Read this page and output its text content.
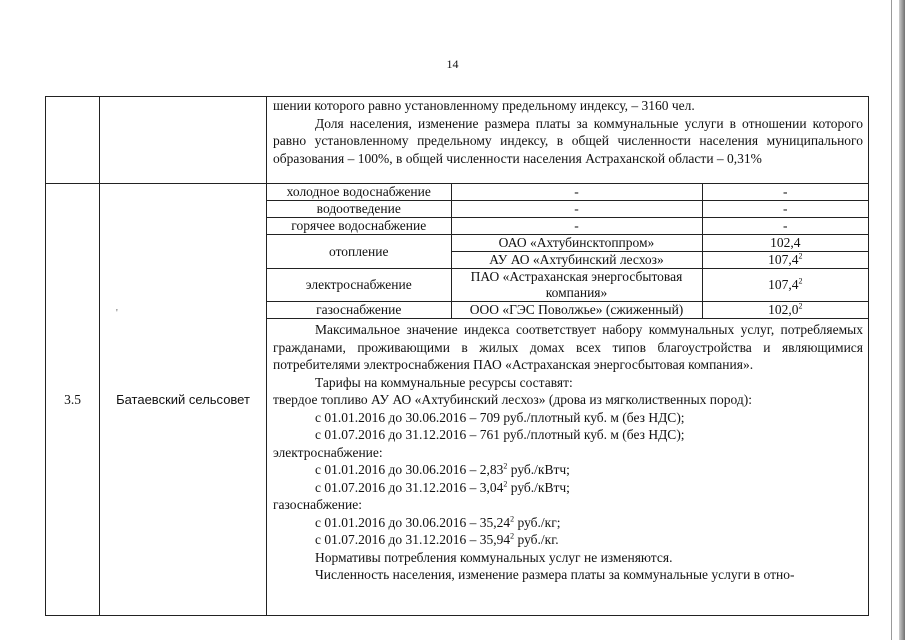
14

шении которого равно установленному предельному индексу, – 3160 чел.
Доля населения, изменение размера платы за коммунальные услуги в отношении которого равно установленному предельному индексу, в общей численности населения муниципального образования – 100%, в общей численности населения Астраханской области – 0,31%

3.5	Батаевский сельсовет	
холодное водоснабжение	-	-
водоотведение	-	-
горячее водоснабжение	-	-
отопление	ОАО «Ахтубинсктоппром»	102,4
АУ АО «Ахтубинский лесхоз»	107,4$^2$
электроснабжение	ПАО «Астраханская энергосбытовая компания»	107,4$^2$
газоснабжение	ООО «ГЭС Поволжье» (сжиженный)	102,0$^2$

Максимальное значение индекса соответствует набору коммунальных услуг, потребляемых гражданами, проживающими в жилых домах всех типов благоустройства и являющимися потребителями электроснабжения ПАО «Астраханская энергосбытовая компания».

Тарифы на коммунальные ресурсы составят:

твердое топливо АУ АО «Ахтубинский лесхоз» (дрова из мягколиственных пород):

с 01.01.2016 до 30.06.2016 – 709 руб./плотный куб. м (без НДС);

с 01.07.2016 до 31.12.2016 – 761 руб./плотный куб. м (без НДС);

электроснабжение:

с 01.01.2016 до 30.06.2016 – 2,83$^2$ руб./кВтч;

с 01.07.2016 до 31.12.2016 – 3,04$^2$ руб./кВтч;

газоснабжение:

с 01.01.2016 до 30.06.2016 – 35,24$^2$ руб./кг;

с 01.07.2016 до 31.12.2016 – 35,94$^2$ руб./кг.

Нормативы потребления коммунальных услуг не изменяются.

Численность населения, изменение размера платы за коммунальные услуги в отно-

'
